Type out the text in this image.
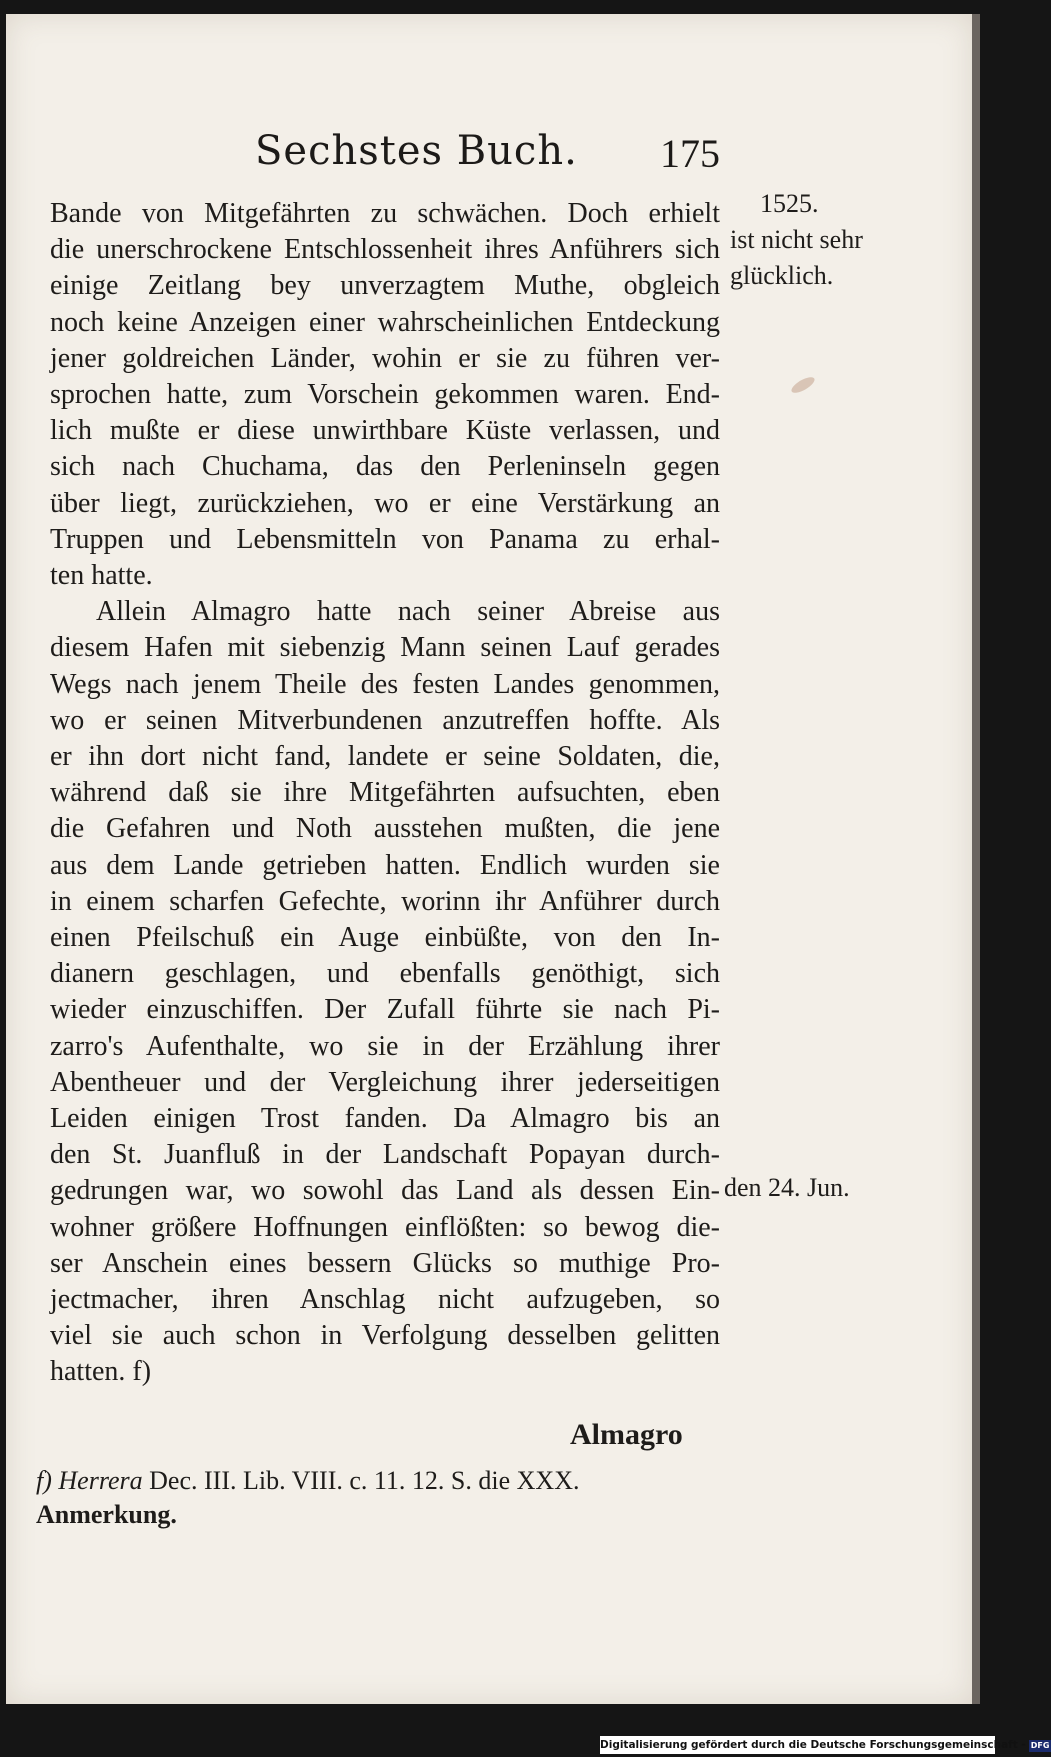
Sechstes Buch. 175
Bande von Mitgefährten zu schwächen. Doch erhielt
die unerschrockene Entschlossenheit ihres Anführers sich
einige Zeitlang bey unverzagtem Muthe, obgleich
noch keine Anzeigen einer wahrscheinlichen Entdeckung
jener goldreichen Länder, wohin er sie zu führen ver-
sprochen hatte, zum Vorschein gekommen waren. End-
lich mußte er diese unwirthbare Küste verlassen, und
sich nach Chuchama, das den Perleninseln gegen
über liegt, zurückziehen, wo er eine Verstärkung an
Truppen und Lebensmitteln von Panama zu erhal-
ten hatte.
Allein Almagro hatte nach seiner Abreise aus
diesem Hafen mit siebenzig Mann seinen Lauf gerades
Wegs nach jenem Theile des festen Landes genommen,
wo er seinen Mitverbundenen anzutreffen hoffte. Als
er ihn dort nicht fand, landete er seine Soldaten, die,
während daß sie ihre Mitgefährten aufsuchten, eben
die Gefahren und Noth ausstehen mußten, die jene
aus dem Lande getrieben hatten. Endlich wurden sie
in einem scharfen Gefechte, worinn ihr Anführer durch
einen Pfeilschuß ein Auge einbüßte, von den In-
dianern geschlagen, und ebenfalls genöthigt, sich
wieder einzuschiffen. Der Zufall führte sie nach Pi-
zarro's Aufenthalte, wo sie in der Erzählung ihrer
Abentheuer und der Vergleichung ihrer jederseitigen
Leiden einigen Trost fanden. Da Almagro bis an
den St. Juanfluß in der Landschaft Popayan durch-
gedrungen war, wo sowohl das Land als dessen Ein-
wohner größere Hoffnungen einflößten: so bewog die-
ser Anschein eines bessern Glücks so muthige Pro-
jectmacher, ihren Anschlag nicht aufzugeben, so
viel sie auch schon in Verfolgung desselben gelitten
hatten. f)
1525.
ist nicht sehr
glücklich.
den 24. Jun.
Almagro
f) Herrera Dec. III. Lib. VIII. c. 11. 12. S. die XXX.
Anmerkung.
Digitalisierung gefördert durch die Deutsche Forschungsgemeinschaft - DFG
